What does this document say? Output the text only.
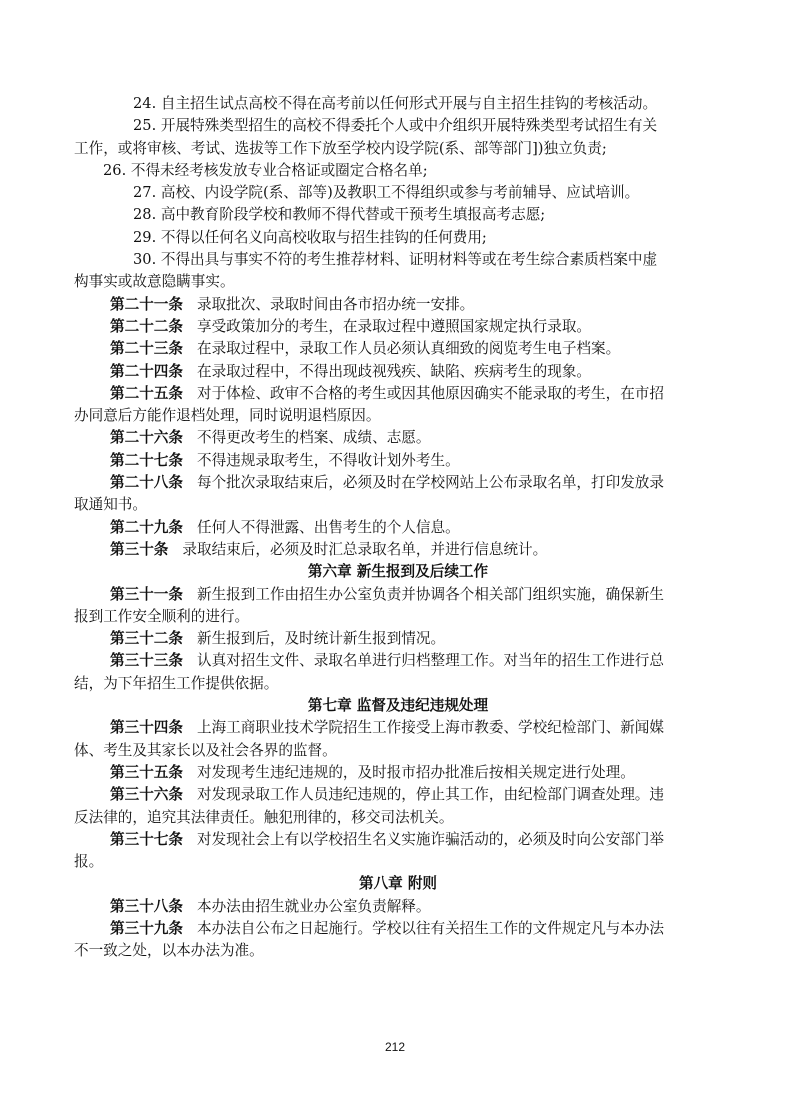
24. 自主招生试点高校不得在高考前以任何形式开展与自主招生挂钩的考核活动。
25. 开展特殊类型招生的高校不得委托个人或中介组织开展特殊类型考试招生有关
工作，或将审核、考试、选拔等工作下放至学校内设学院(系、部等部门])独立负责;
26. 不得未经考核发放专业合格证或圈定合格名单;
27. 高校、内设学院(系、部等)及教职工不得组织或参与考前辅导、应试培训。
28. 高中教育阶段学校和教师不得代替或干预考生填报高考志愿;
29. 不得以任何名义向高校收取与招生挂钩的任何费用;
30. 不得出具与事实不符的考生推荐材料、证明材料等或在考生综合素质档案中虚
构事实或故意隐瞒事实。
第二十一条 录取批次、录取时间由各市招办统一安排。
第二十二条 享受政策加分的考生，在录取过程中遵照国家规定执行录取。
第二十三条 在录取过程中，录取工作人员必须认真细致的阅览考生电子档案。
第二十四条 在录取过程中，不得出现歧视残疾、缺陷、疾病考生的现象。
第二十五条 对于体检、政审不合格的考生或因其他原因确实不能录取的考生，在市招
办同意后方能作退档处理，同时说明退档原因。
第二十六条 不得更改考生的档案、成绩、志愿。
第二十七条 不得违规录取考生，不得收计划外考生。
第二十八条 每个批次录取结束后，必须及时在学校网站上公布录取名单，打印发放录
取通知书。
第二十九条 任何人不得泄露、出售考生的个人信息。
第三十条 录取结束后，必须及时汇总录取名单，并进行信息统计。
第六章 新生报到及后续工作
第三十一条 新生报到工作由招生办公室负责并协调各个相关部门组织实施，确保新生
报到工作安全顺利的进行。
第三十二条 新生报到后，及时统计新生报到情况。
第三十三条 认真对招生文件、录取名单进行归档整理工作。对当年的招生工作进行总
结，为下年招生工作提供依据。
第七章 监督及违纪违规处理
第三十四条 上海工商职业技术学院招生工作接受上海市教委、学校纪检部门、新闻媒
体、考生及其家长以及社会各界的监督。
第三十五条 对发现考生违纪违规的，及时报市招办批准后按相关规定进行处理。
第三十六条 对发现录取工作人员违纪违规的，停止其工作，由纪检部门调查处理。违
反法律的，追究其法律责任。触犯刑律的，移交司法机关。
第三十七条 对发现社会上有以学校招生名义实施诈骗活动的，必须及时向公安部门举
报。
第八章 附则
第三十八条 本办法由招生就业办公室负责解释。
第三十九条 本办法自公布之日起施行。学校以往有关招生工作的文件规定凡与本办法
不一致之处，以本办法为准。
212
